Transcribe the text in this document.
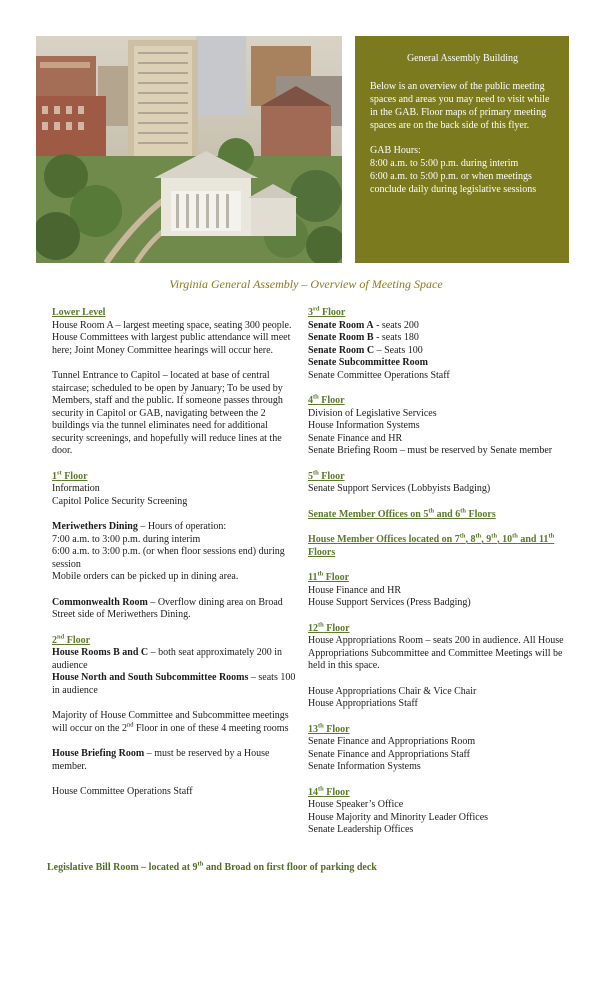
General Assembly Building
Below is an overview of the public meeting spaces and areas you may need to visit while in the GAB. Floor maps of primary meeting spaces are on the back side of this flyer.
GAB Hours:
8:00 a.m. to 5:00 p.m. during interim
6:00 a.m. to 5:00 p.m. or when meetings conclude daily during legislative sessions
Virginia General Assembly – Overview of Meeting Space
Lower Level
House Room A – largest meeting space, seating 300 people. House Committees with largest public attendance will meet here; Joint Money Committee hearings will occur here.
Tunnel Entrance to Capitol – located at base of central staircase; scheduled to be open by January; To be used by Members, staff and the public. If someone passes through security in Capitol or GAB, navigating between the 2 buildings via the tunnel eliminates need for additional security screenings, and hopefully will reduce lines at the door.
1st Floor
Information
Capitol Police Security Screening
Meriwethers Dining – Hours of operation:
7:00 a.m. to 3:00 p.m. during interim
6:00 a.m. to 3:00 p.m. (or when floor sessions end) during session
Mobile orders can be picked up in dining area.
Commonwealth Room – Overflow dining area on Broad Street side of Meriwethers Dining.
2nd Floor
House Rooms B and C – both seat approximately 200 in audience
House North and South Subcommittee Rooms – seats 100 in audience
Majority of House Committee and Subcommittee meetings will occur on the 2nd Floor in one of these 4 meeting rooms
House Briefing Room – must be reserved by a House member.
House Committee Operations Staff
3rd Floor
Senate Room A - seats 200
Senate Room B - seats 180
Senate Room C – Seats 100
Senate Subcommittee Room
Senate Committee Operations Staff
4th Floor
Division of Legislative Services
House Information Systems
Senate Finance and HR
Senate Briefing Room – must be reserved by Senate member
5th Floor
Senate Support Services (Lobbyists Badging)
Senate Member Offices on 5th and 6th Floors
House Member Offices located on 7th, 8th, 9th, 10th and 11th Floors
11th Floor
House Finance and HR
House Support Services (Press Badging)
12th Floor
House Appropriations Room – seats 200 in audience. All House Appropriations Subcommittee and Committee Meetings will be held in this space.
House Appropriations Chair & Vice Chair
House Appropriations Staff
13th Floor
Senate Finance and Appropriations Room
Senate Finance and Appropriations Staff
Senate Information Systems
14th Floor
House Speaker’s Office
House Majority and Minority Leader Offices
Senate Leadership Offices
Legislative Bill Room – located at 9th and Broad on first floor of parking deck
